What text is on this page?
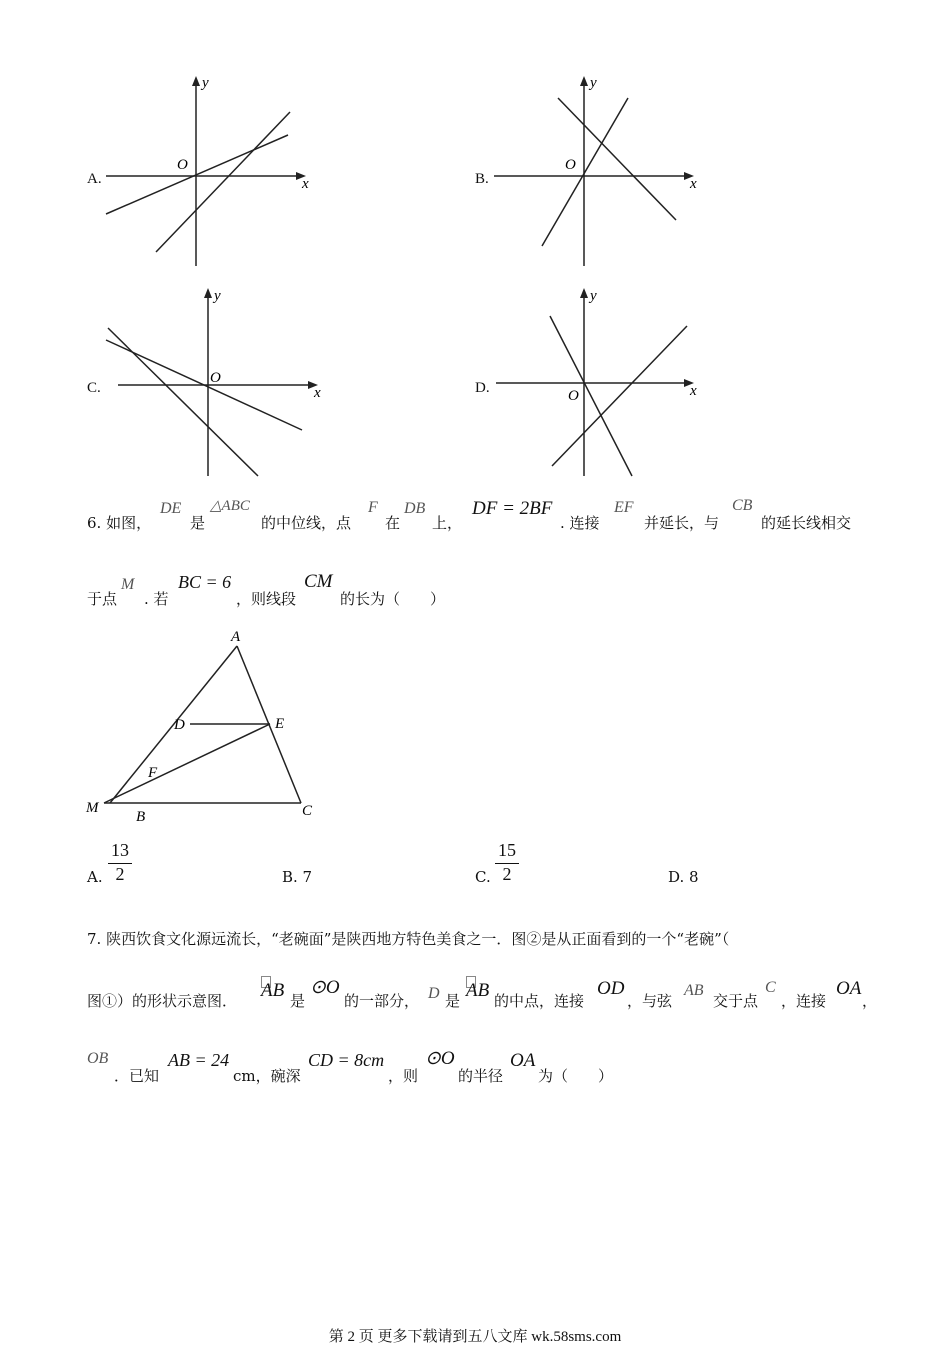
A.
y
x
O
B.
y
x
O
C.
y
x
O
D.
y
x
O
6. 如图，
DE
是
△ABC
的中位线，点
F
在
DB
上，
DF = 2BF
. 连接
EF
并延长，与
CB
的延长线相交
于点
M
. 若
BC = 6
，则线段
CM
的长为（　　）
A
D	E
F
M
B	C
A.
13
2	B. 7	C.
15
2	D. 8
7. 陕西饮食文化源远流长，“老碗面”是陕西地方特色美食之一．图②是从正面看到的一个“老碗”（
图①）的形状示意图． AB 是
⊙O
的一部分， D 是 AB 的中点，连接
OD
，与弦
AB
交于点
C
，连接
OA
，
OB
．已知
AB = 24
cm，碗深
CD = 8cm
，则
⊙O
的半径
OA
为（　　）
第 2 页 更多下载请到五八文库 wk.58sms.com
